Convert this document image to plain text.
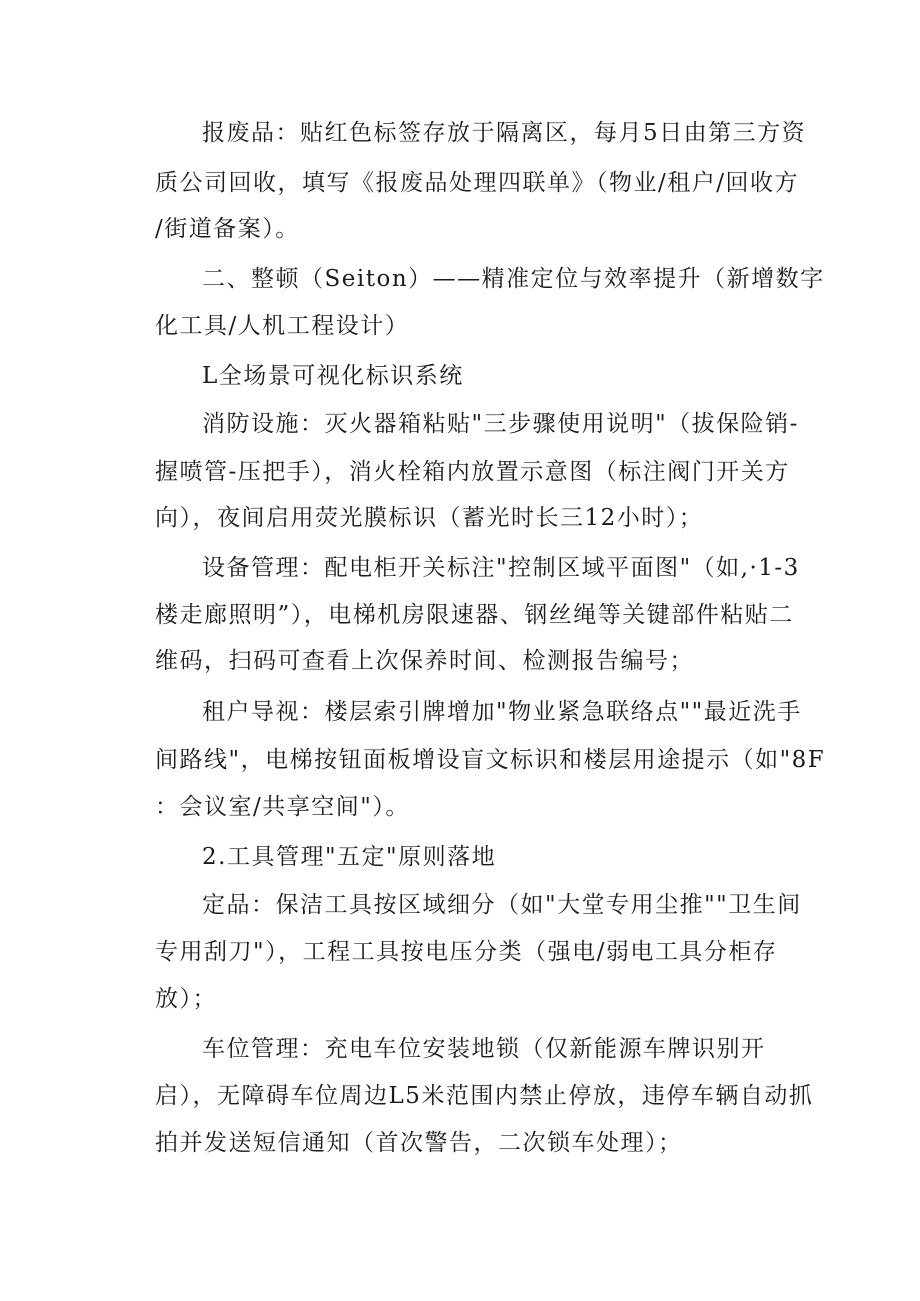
报废品：贴红色标签存放于隔离区，每月5日由第三方资
质公司回收，填写《报废品处理四联单》（物业/租户/回收方
/街道备案）。
二、整顿（Seiton）——精准定位与效率提升（新增数字
化工具/人机工程设计）
L全场景可视化标识系统
消防设施：灭火器箱粘贴"三步骤使用说明"（拔保险销-
握喷管-压把手），消火栓箱内放置示意图（标注阀门开关方
向），夜间启用荧光膜标识（蓄光时长三12小时）；
设备管理：配电柜开关标注"控制区域平面图"（如,·1-3
楼走廊照明”），电梯机房限速器、钢丝绳等关键部件粘贴二
维码，扫码可查看上次保养时间、检测报告编号；
租户导视：楼层索引牌增加"物业紧急联络点""最近洗手
间路线"，电梯按钮面板增设盲文标识和楼层用途提示（如"8F
：会议室/共享空间"）。
2.工具管理"五定"原则落地
定品：保洁工具按区域细分（如"大堂专用尘推""卫生间
专用刮刀"），工程工具按电压分类（强电/弱电工具分柜存
放）；
车位管理：充电车位安装地锁（仅新能源车牌识别开
启），无障碍车位周边L5米范围内禁止停放，违停车辆自动抓
拍并发送短信通知（首次警告，二次锁车处理）；
